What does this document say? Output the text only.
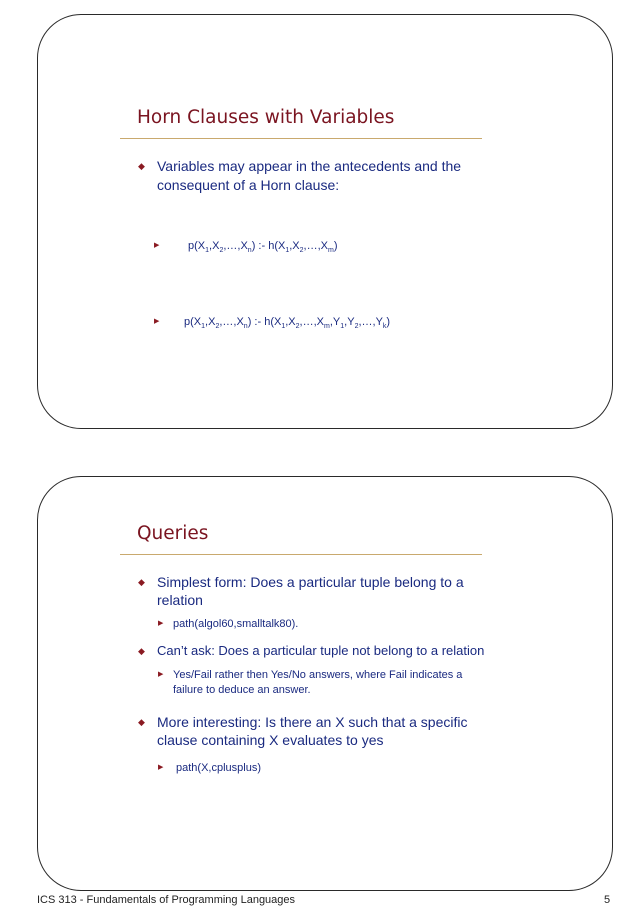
Horn Clauses with Variables
◆ Variables may appear in the antecedents and the
consequent of a Horn clause:
▶	$p(X_1,X_2,\dots,X_n)$ :- $h(X_1,X_2,\dots,X_m)$
▶	$p(X_1,X_2,\dots,X_n)$ :- $h(X_1,X_2,\dots,X_m,Y_1,Y_2,\dots,Y_k)$
Queries
◆ Simplest form: Does a particular tuple belong to a
relation
▶ path(algol60,smalltalk80).
◆ Can’t ask: Does a particular tuple not belong to a relation
▶ Yes/Fail rather then Yes/No answers, where Fail indicates a
failure to deduce an answer.
◆ More interesting: Is there an X such that a specific
clause containing X evaluates to yes
▶	path(X,cplusplus)
ICS 313 - Fundamentals of Programming Languages	5
